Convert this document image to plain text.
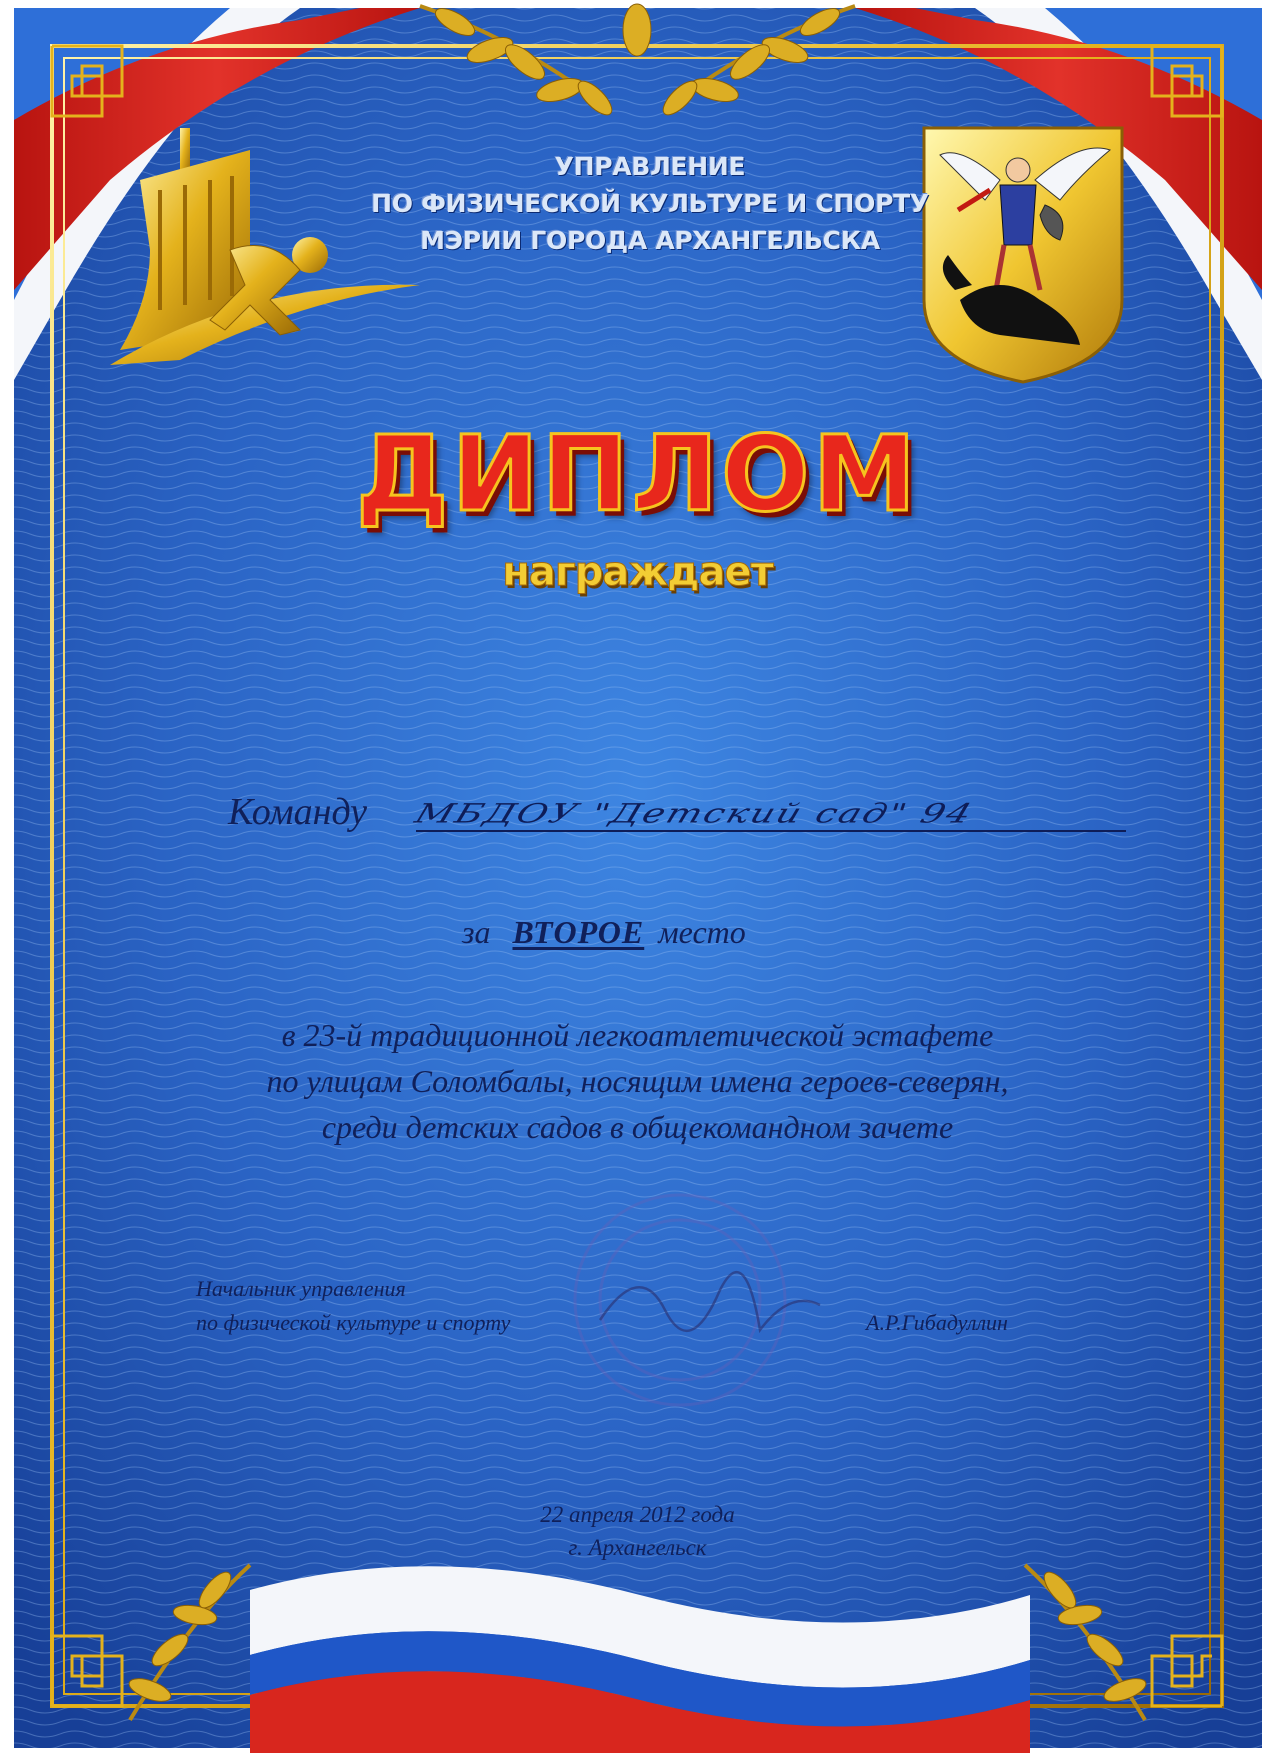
УПРАВЛЕНИЕ
ПО ФИЗИЧЕСКОЙ КУЛЬТУРЕ И СПОРТУ
МЭРИИ ГОРОДА АРХАНГЕЛЬСКА
ДИПЛОМ
награждает
Команду МБДОУ "Детский сад" 94
за ВТОРОЕ место
в 23-й традиционной легкоатлетической эстафете
по улицам Соломбалы, носящим имена героев-северян,
среди детских садов в общекомандном зачете
Начальник управления
по физической культуре и спорту	А.Р.Гибадуллин
22 апреля 2012 года
г. Архангельск
